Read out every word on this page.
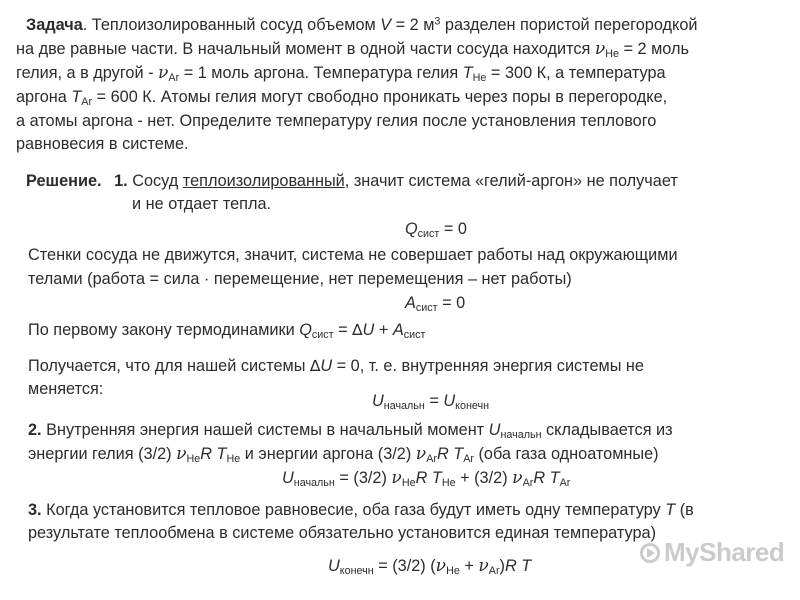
Задача. Теплоизолированный сосуд объемом V = 2 $м^3$ разделен пористой перегородкой
на две равные части. В начальный момент в одной части сосуда находится $\nu_{He} = 2$ моль
гелия, а в другой - $\nu_{Ar} = 1$ моль аргона. Температура гелия $T_{He} = 300$ К, а температура
аргона $T_{Ar} = 600$ К. Атомы гелия могут свободно проникать через поры в перегородке,
а атомы аргона - нет. Определите температуру гелия после установления теплового
равновесия в системе.
Решение. 1. Сосуд теплоизолированный, значит система «гелий-аргон» не получает
и не отдает тепла.
$Q_{сист} = 0$
Стенки сосуда не движутся, значит, система не совершает работы над окружающими
телами (работа = сила · перемещение, нет перемещения – нет работы)
$A_{сист} = 0$
По первому закону термодинамики $Q_{сист} = \Delta U + A_{сист}$
Получается, что для нашей системы ∆U = 0, т. е. внутренняя энергия системы не
меняется:
$U_{начальн} = U_{конечн}$
2. Внутренняя энергия нашей системы в начальный момент $U_{начальн}$ складывается из
энергии гелия (3/2) $\nu_{He}R$ $T_{He}$ и энергии аргона (3/2) $\nu_{Ar}R$ $T_{Ar}$ (оба газа одноатомные)
$U_{начальн} = (3/2)$ $\nu_{He}R$ $T_{He} + (3/2)$ $\nu_{Ar}R$ $T_{Ar}$
3. Когда установится тепловое равновесие, оба газа будут иметь одну температуру T (в
результате теплообмена в системе обязательно установится единая температура)
$U_{конечн} = (3/2) (\nu_{He} + \nu_{Ar})R$ T	MyShared
